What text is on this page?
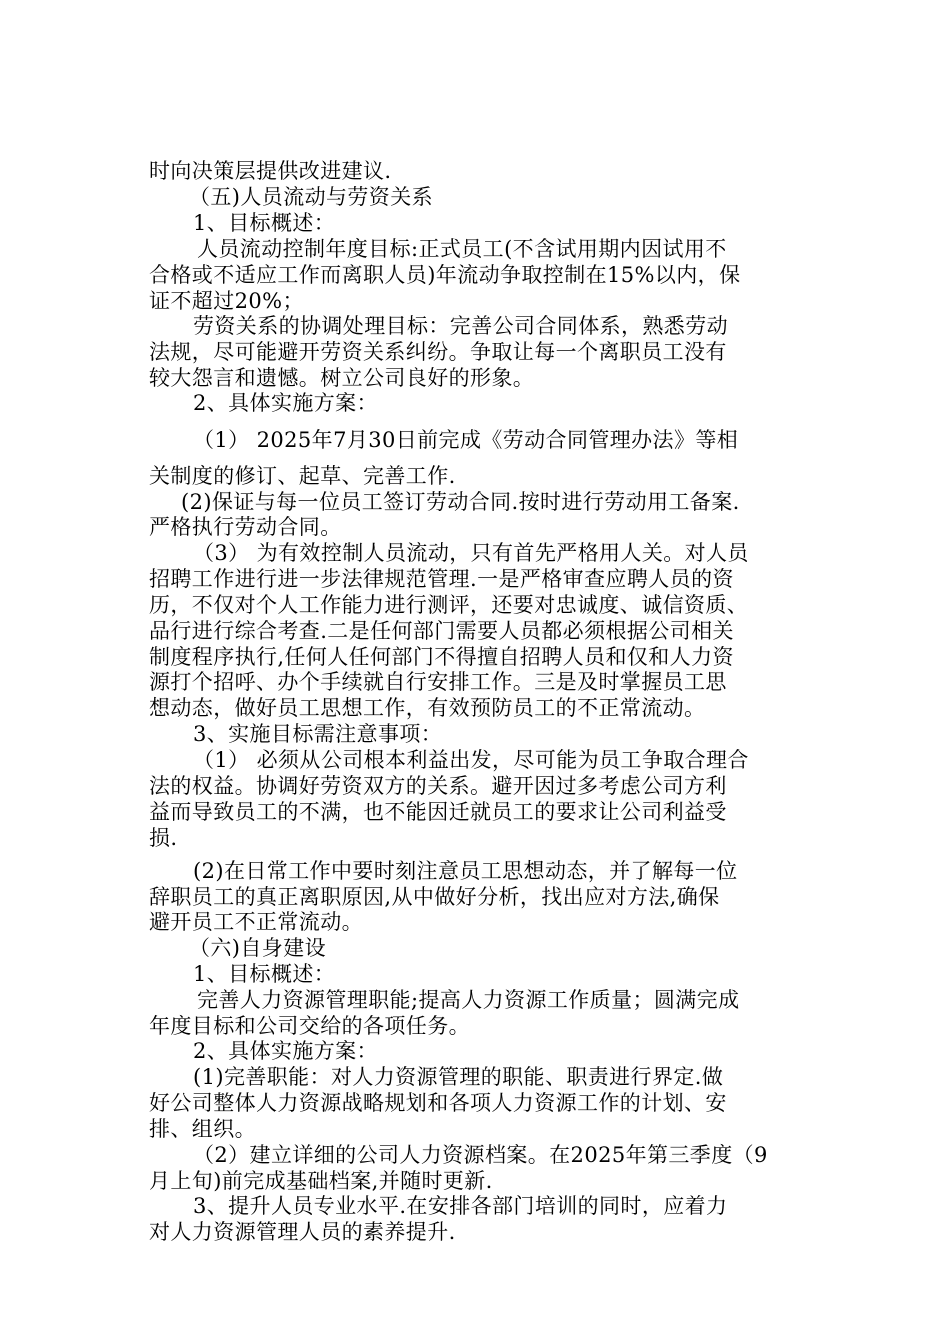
时向决策层提供改进建议.
（五)人员流动与劳资关系
1、目标概述：
人员流动控制年度目标:正式员工(不含试用期内因试用不
合格或不适应工作而离职人员)年流动争取控制在15%以内，保
证不超过20%；
劳资关系的协调处理目标：完善公司合同体系，熟悉劳动
法规，尽可能避开劳资关系纠纷。争取让每一个离职员工没有
较大怨言和遗憾。树立公司良好的形象。
2、具体实施方案：
（1） 2025年7月30日前完成《劳动合同管理办法》等相
关制度的修订、起草、完善工作.
(2)保证与每一位员工签订劳动合同.按时进行劳动用工备案.
严格执行劳动合同。
（3） 为有效控制人员流动，只有首先严格用人关。对人员
招聘工作进行进一步法律规范管理.一是严格审查应聘人员的资
历，不仅对个人工作能力进行测评，还要对忠诚度、诚信资质、
品行进行综合考查.二是任何部门需要人员都必须根据公司相关
制度程序执行,任何人任何部门不得擅自招聘人员和仅和人力资
源打个招呼、办个手续就自行安排工作。三是及时掌握员工思
想动态，做好员工思想工作，有效预防员工的不正常流动。
3、实施目标需注意事项：
（1） 必须从公司根本利益出发，尽可能为员工争取合理合
法的权益。协调好劳资双方的关系。避开因过多考虑公司方利
益而导致员工的不满，也不能因迁就员工的要求让公司利益受
损.
(2)在日常工作中要时刻注意员工思想动态，并了解每一位
辞职员工的真正离职原因,从中做好分析，找出应对方法,确保
避开员工不正常流动。
（六)自身建设
1、目标概述：
完善人力资源管理职能;提高人力资源工作质量；圆满完成
年度目标和公司交给的各项任务。
2、具体实施方案：
(1)完善职能：对人力资源管理的职能、职责进行界定.做
好公司整体人力资源战略规划和各项人力资源工作的计划、安
排、组织。
（2）建立详细的公司人力资源档案。在2025年第三季度（9
月上旬)前完成基础档案,并随时更新.
3、提升人员专业水平.在安排各部门培训的同时，应着力
对人力资源管理人员的素养提升.
